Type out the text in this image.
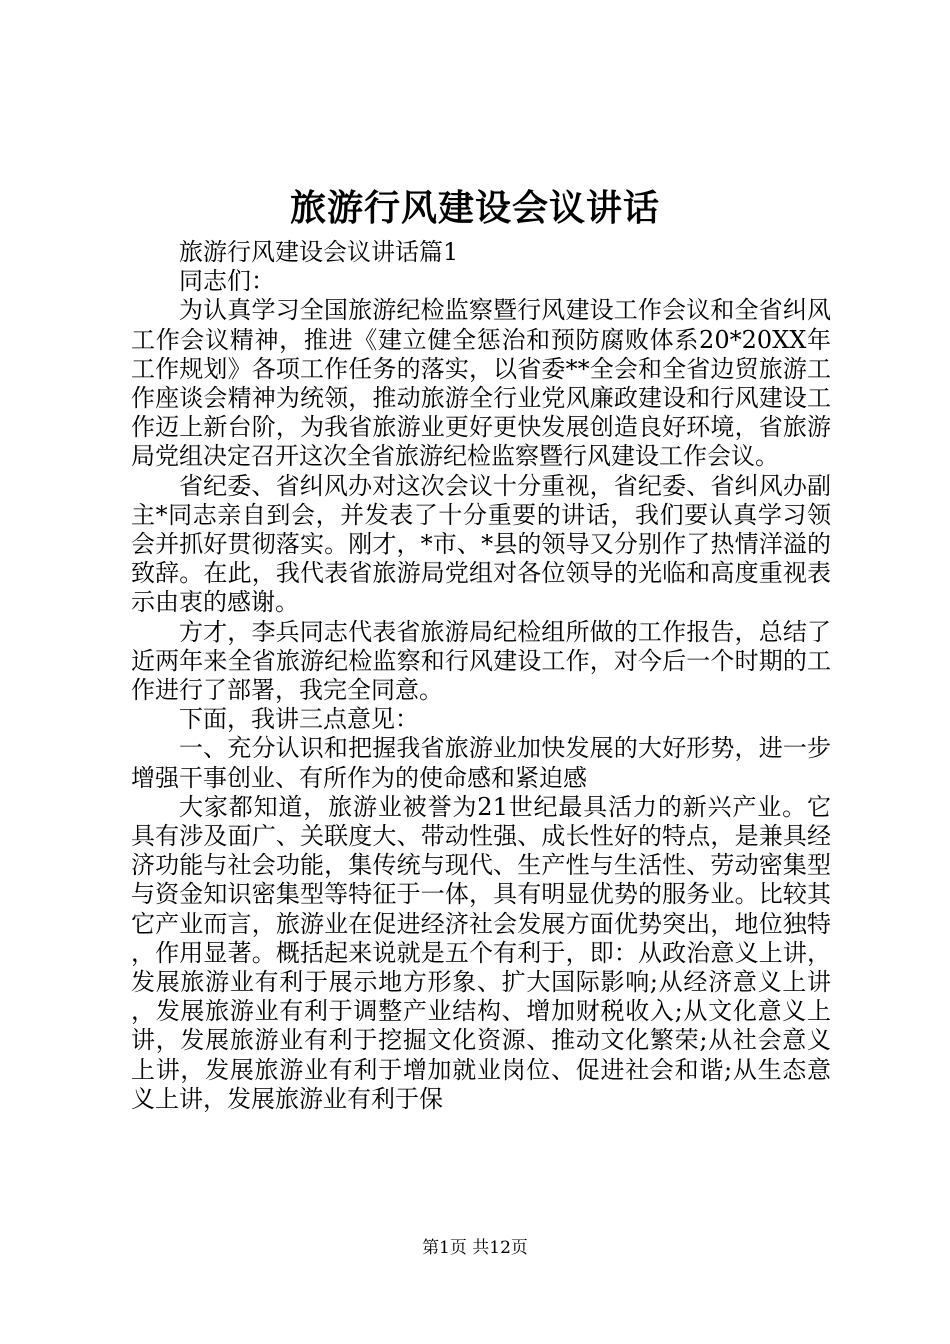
旅游行风建设会议讲话

旅游行风建设会议讲话篇1

同志们：

为认真学习全国旅游纪检监察暨行风建设工作会议和全省纠风工作会议精神，推进《建立健全惩治和预防腐败体系20*20XX年工作规划》各项工作任务的落实，以省委**全会和全省边贸旅游工作座谈会精神为统领，推动旅游全行业党风廉政建设和行风建设工作迈上新台阶，为我省旅游业更好更快发展创造良好环境，省旅游局党组决定召开这次全省旅游纪检监察暨行风建设工作会议。

省纪委、省纠风办对这次会议十分重视，省纪委、省纠风办副主*同志亲自到会，并发表了十分重要的讲话，我们要认真学习领会并抓好贯彻落实。刚才，*市、*县的领导又分别作了热情洋溢的致辞。在此，我代表省旅游局党组对各位领导的光临和高度重视表示由衷的感谢。

方才，李兵同志代表省旅游局纪检组所做的工作报告，总结了近两年来全省旅游纪检监察和行风建设工作，对今后一个时期的工作进行了部署，我完全同意。

下面，我讲三点意见：

一、充分认识和把握我省旅游业加快发展的大好形势，进一步增强干事创业、有所作为的使命感和紧迫感

大家都知道，旅游业被誉为21世纪最具活力的新兴产业。它具有涉及面广、关联度大、带动性强、成长性好的特点，是兼具经济功能与社会功能，集传统与现代、生产性与生活性、劳动密集型与资金知识密集型等特征于一体，具有明显优势的服务业。比较其它产业而言，旅游业在促进经济社会发展方面优势突出，地位独特，作用显著。概括起来说就是五个有利于，即：从政治意义上讲，发展旅游业有利于展示地方形象、扩大国际影响;从经济意义上讲，发展旅游业有利于调整产业结构、增加财税收入;从文化意义上讲，发展旅游业有利于挖掘文化资源、推动文化繁荣;从社会意义上讲，发展旅游业有利于增加就业岗位、促进社会和谐;从生态意义上讲，发展旅游业有利于保

第1页 共12页
